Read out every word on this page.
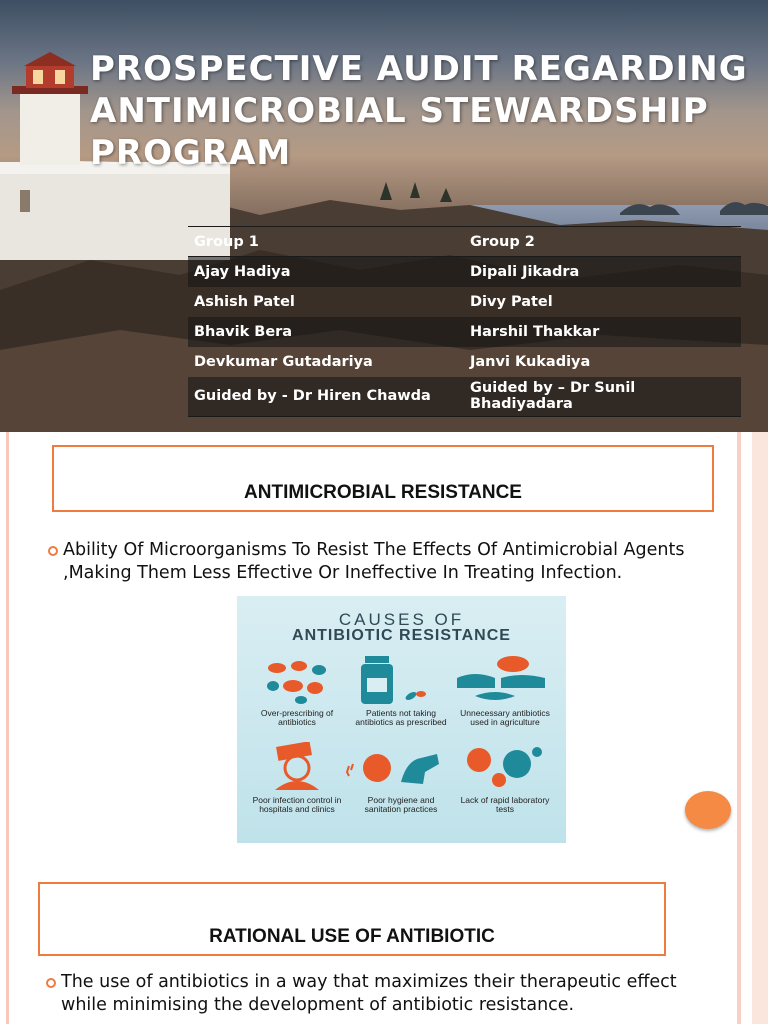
PROSPECTIVE AUDIT REGARDING ANTIMICROBIAL STEWARDSHIP PROGRAM
Group 1	Group 2
Ajay Hadiya	Dipali Jikadra
Ashish Patel	Divy Patel
Bhavik Bera	Harshil Thakkar
Devkumar Gutadariya	Janvi Kukadiya
Guided by - Dr Hiren Chawda	Guided by – Dr Sunil Bhadiyadara
ANTIMICROBIAL RESISTANCE
Ability Of Microorganisms To Resist The Effects Of Antimicrobial Agents ,Making Them Less Effective Or Ineffective In Treating Infection.
CAUSES OF
ANTIBIOTIC RESISTANCE
Over-prescribing of antibiotics
Patients not taking antibiotics as prescribed
Unnecessary antibiotics used in agriculture
Poor infection control in hospitals and clinics
Poor hygiene and sanitation practices
Lack of rapid laboratory tests
RATIONAL USE OF ANTIBIOTIC
The use of antibiotics in a way that maximizes their therapeutic effect while minimising the development of antibiotic resistance.
